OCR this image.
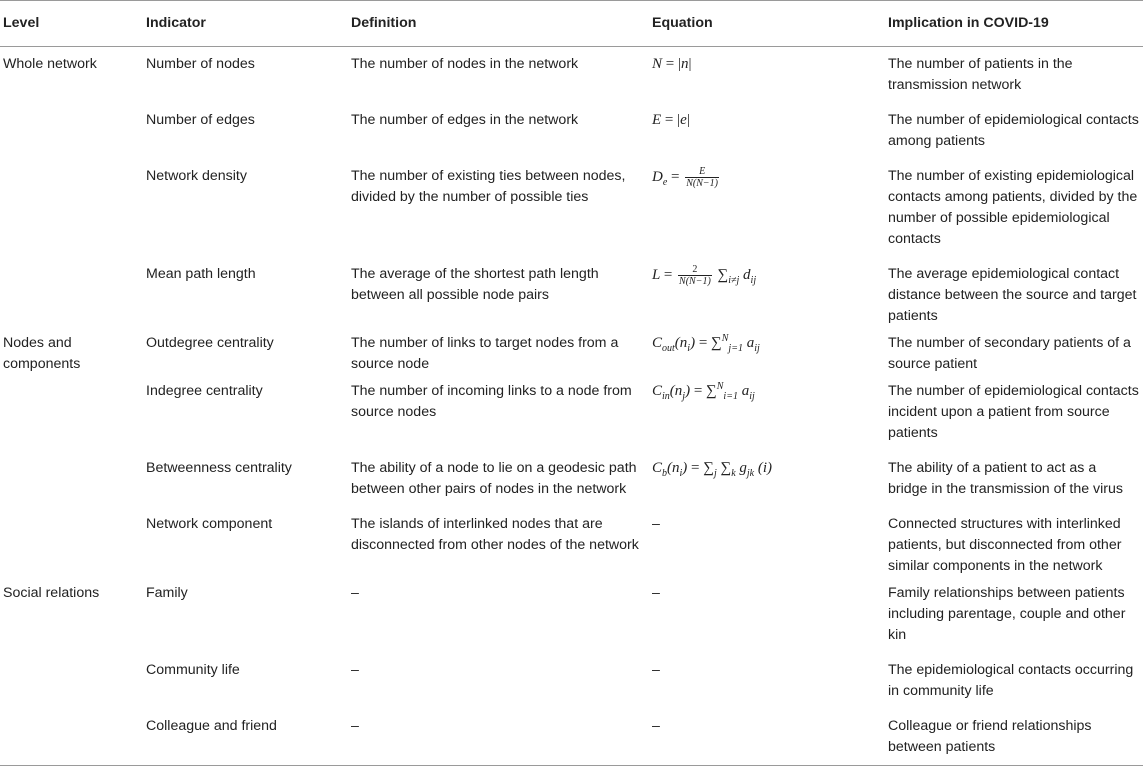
Level	Indicator	Definition	Equation	Implication in COVID-19
Whole network	Number of nodes	The number of nodes in the network	N = |n|	The number of patients in the transmission network
	Number of edges	The number of edges in the network	E = |e|	The number of epidemiological contacts among patients
	Network density	The number of existing ties between nodes, divided by the number of possible ties	$D_e = \frac{E}{N(N-1)}$	The number of existing epidemiological contacts among patients, divided by the number of possible epidemiological contacts
	Mean path length	The average of the shortest path length between all possible node pairs	$L = \frac{2}{N(N-1)} \sum_{i\ne j}$ $d_{ij}$	The average epidemiological contact distance between the source and target patients
Nodes and components	Outdegree centrality	The number of links to target nodes from a source node	$C_{out}(n_i) = \sum^N_{j=1}$ $a_{ij}$	The number of secondary patients of a source patient
	Indegree centrality	The number of incoming links to a node from source nodes	$C_{in}(n_j) = \sum^N_{i=1}$ $a_{ij}$	The number of epidemiological contacts incident upon a patient from source patients
	Betweenness centrality	The ability of a node to lie on a geodesic path between other pairs of nodes in the network	$C_b(n_i) = \sum_j$ $\sum_k$ $g_{jk}$ (i)	The ability of a patient to act as a bridge in the transmission of the virus
	Network component	The islands of interlinked nodes that are disconnected from other nodes of the network	–	Connected structures with interlinked patients, but disconnected from other similar components in the network
Social relations	Family	–	–	Family relationships between patients including parentage, couple and other kin
	Community life	–	–	The epidemiological contacts occurring in community life
	Colleague and friend	–	–	Colleague or friend relationships between patients
